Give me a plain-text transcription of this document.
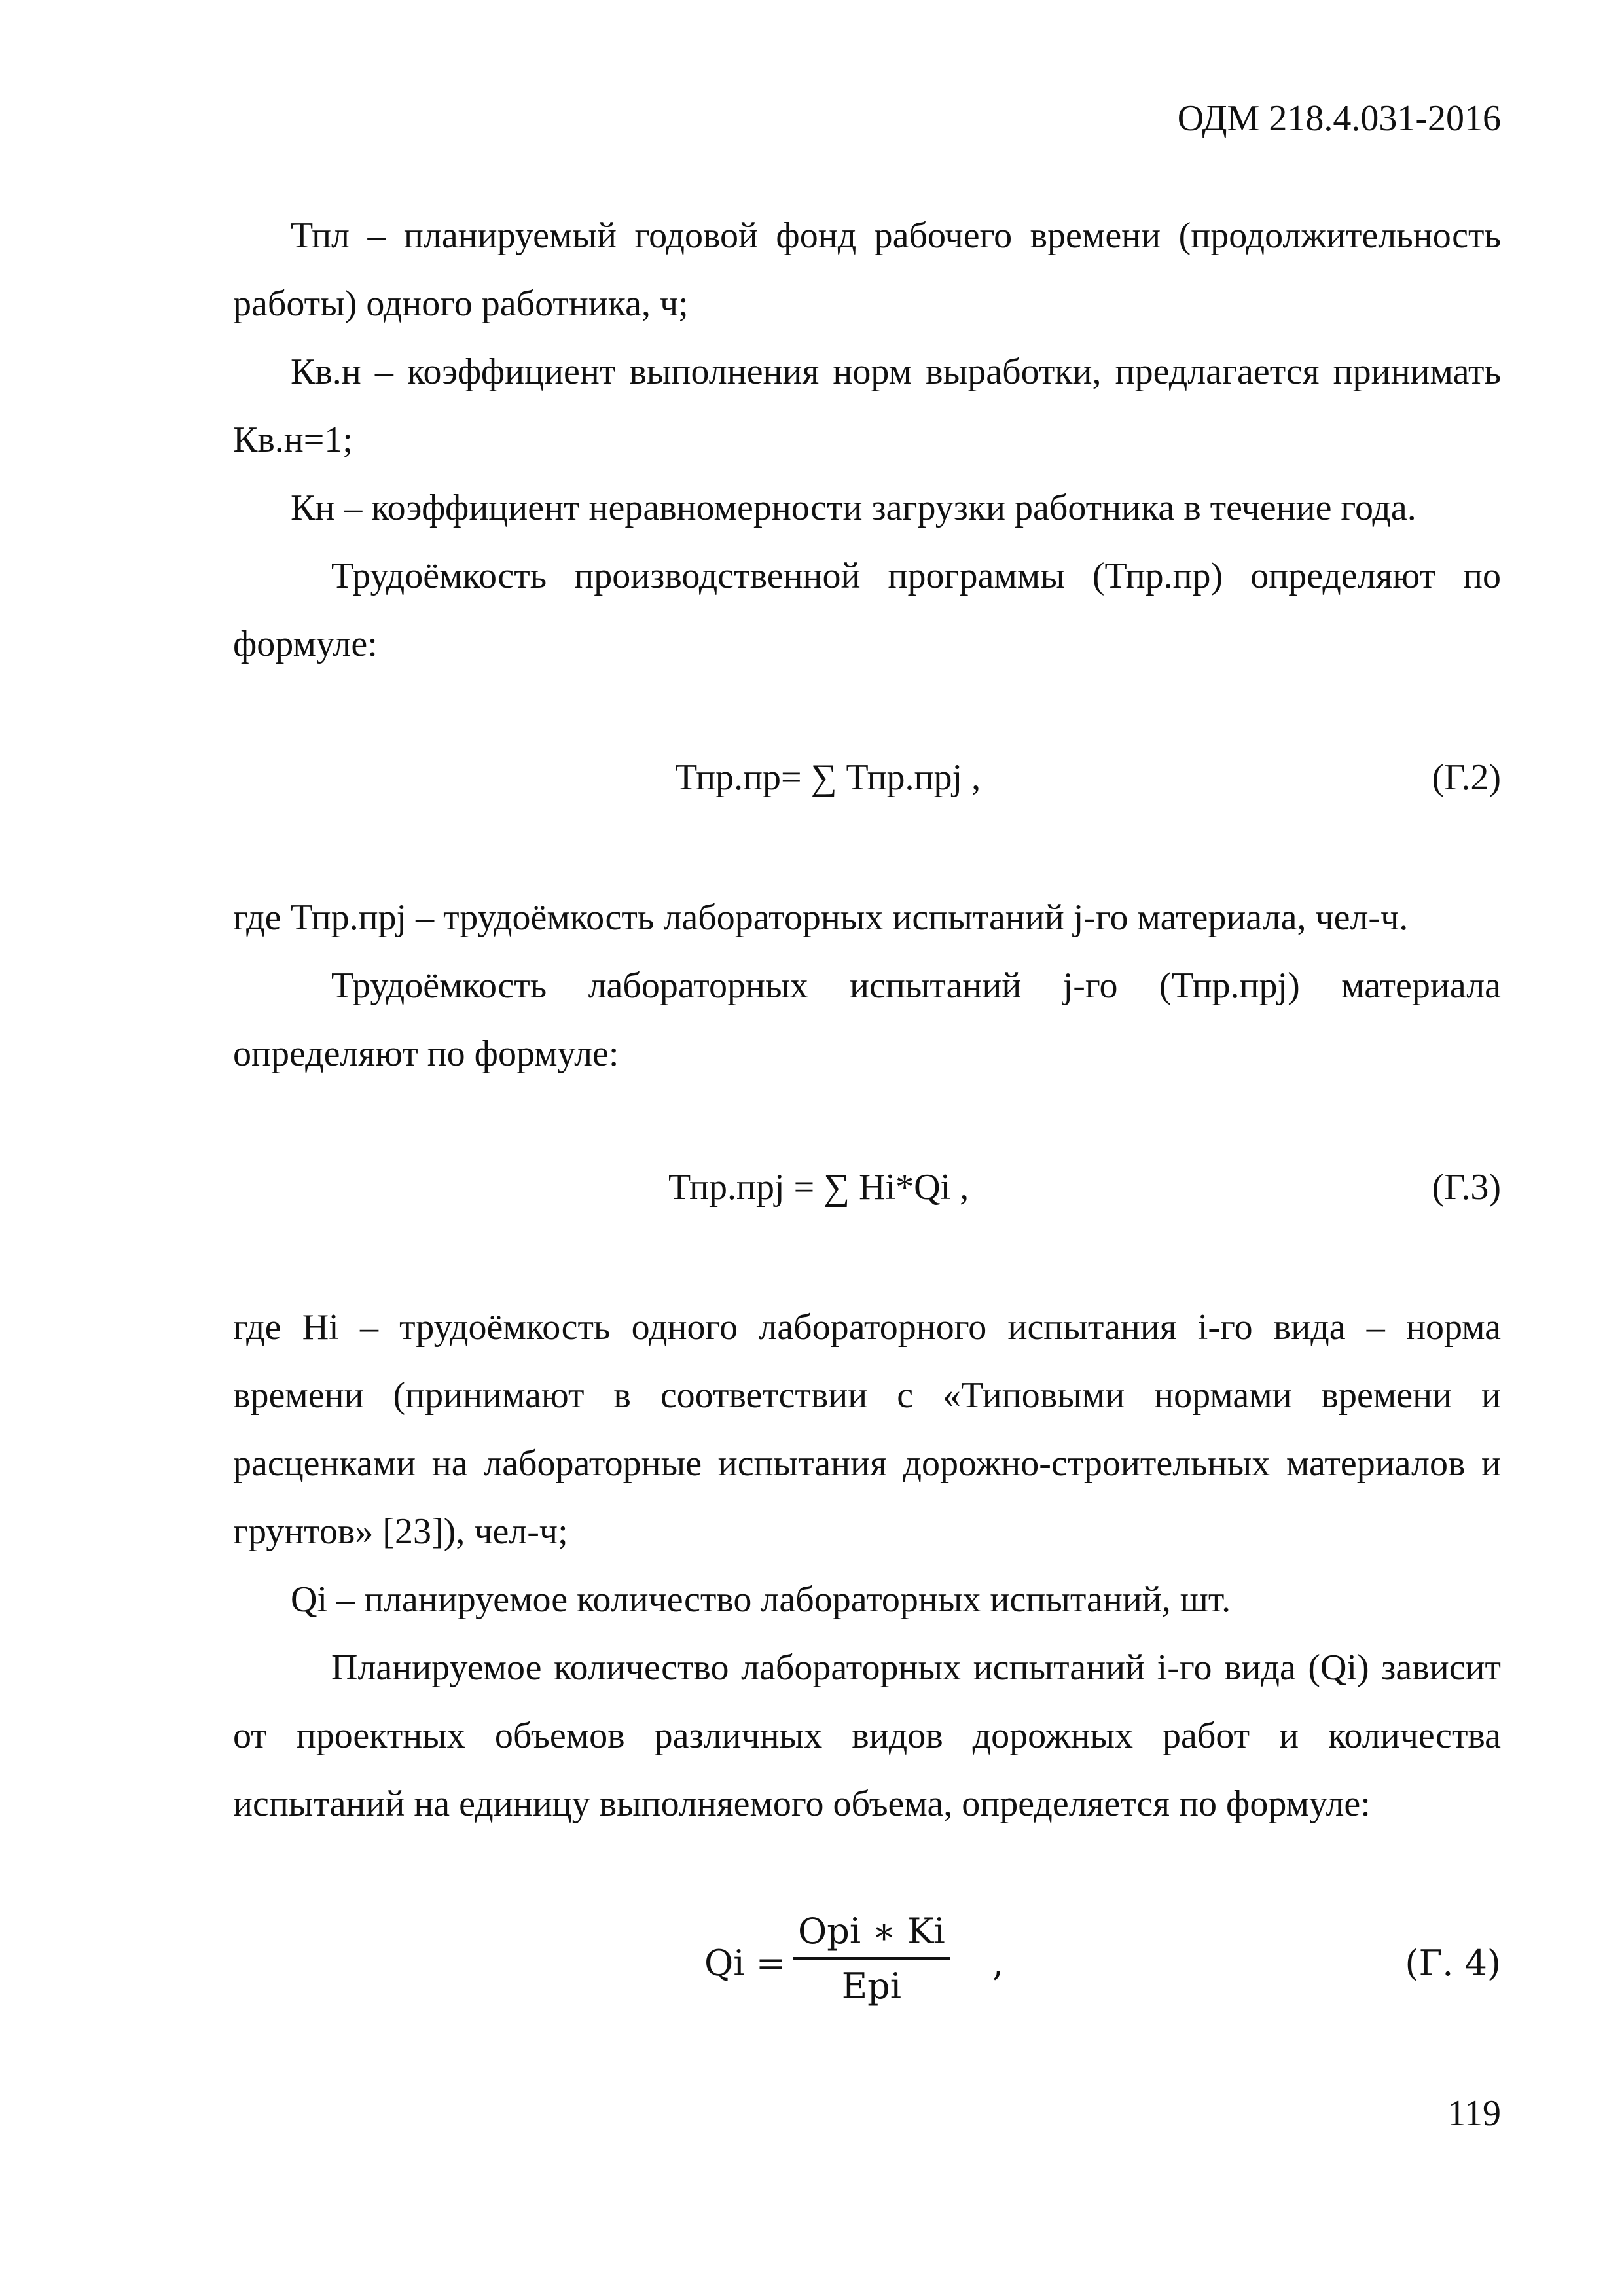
ОДМ 218.4.031-2016

Тпл – планируемый годовой фонд рабочего времени (продолжительность работы) одного работника, ч;

Кв.н – коэффициент выполнения норм выработки, предлагается принимать Кв.н=1;

Кн – коэффициент неравномерности загрузки работника в течение года.

Трудоёмкость производственной программы (Тпр.пр) определяют по формуле:

Тпр.пр= ∑ Тпр.прj ,	(Г.2)

где Тпр.прj – трудоёмкость лабораторных испытаний j-го материала, чел-ч.

Трудоёмкость лабораторных испытаний j-го (Тпр.прj) материала определяют по формуле:

Тпр.прj = ∑ Нi*Qi ,	(Г.3)

где Нi – трудоёмкость одного лабораторного испытания i-го вида – норма времени (принимают в соответствии с «Типовыми нормами времени и расценками на лабораторные испытания дорожно-строительных материалов и грунтов» [23]), чел-ч;

Qi – планируемое количество лабораторных испытаний, шт.

Планируемое количество лабораторных испытаний i-го вида (Qi) зависит от проектных объемов различных видов дорожных работ и количества испытаний на единицу выполняемого объема, определяется по формуле:

Qi =
Opi ∗ Ki
Epi
,	(Г. 4)
119
